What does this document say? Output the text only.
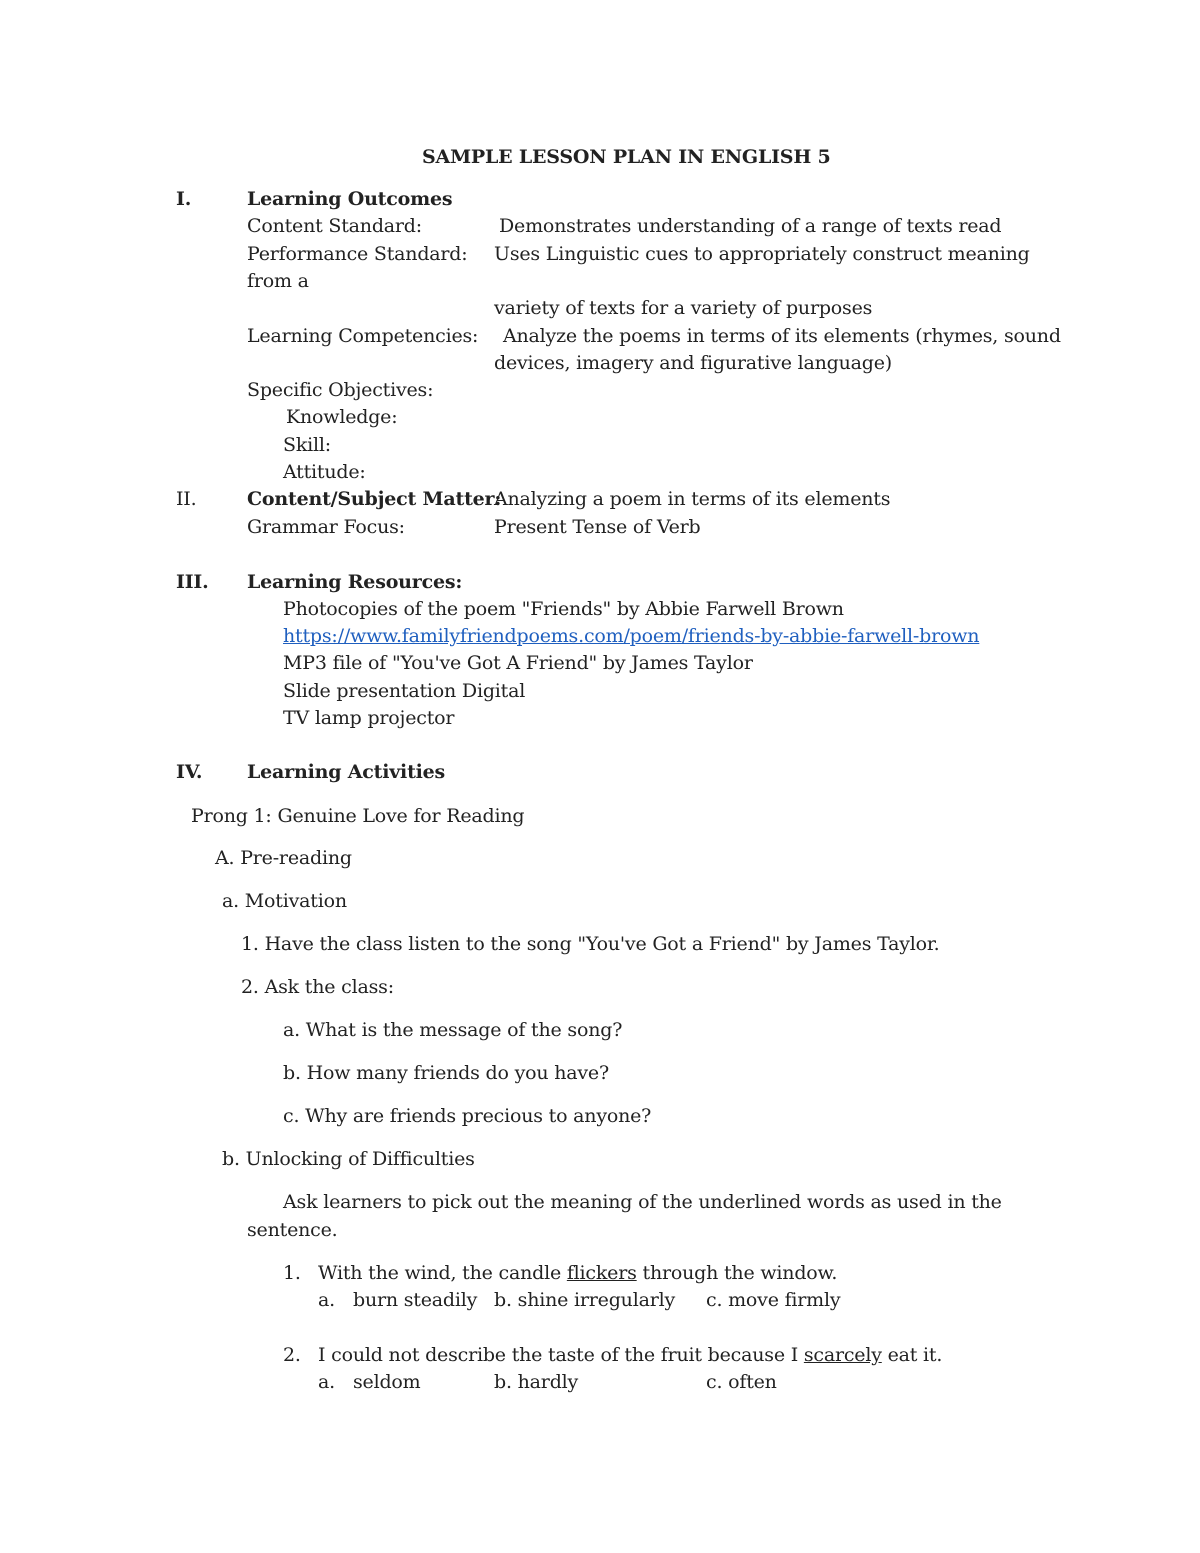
SAMPLE LESSON PLAN IN ENGLISH 5
I.	Learning Outcomes
Content Standard:	Demonstrates understanding of a range of texts read
Performance Standard: Uses Linguistic cues to appropriately construct meaning
from a
variety of texts for a variety of purposes
Learning Competencies: Analyze the poems in terms of its elements (rhymes, sound
devices, imagery and figurative language)
Specific Objectives:
Knowledge:
Skill:
Attitude:
II.	Content/Subject Matter:
Analyzing a poem in terms of its elements
Grammar Focus:	Present Tense of Verb
III. Learning Resources:
Photocopies of the poem "Friends" by Abbie Farwell Brown
https://www.familyfriendpoems.com/poem/friends-by-abbie-farwell-brown
MP3 file of "You've Got A Friend" by James Taylor
Slide presentation Digital
TV lamp projector
IV. Learning Activities
Prong 1: Genuine Love for Reading
A. Pre-reading
a. Motivation
1. Have the class listen to the song "You've Got a Friend" by James Taylor.
2. Ask the class:
a. What is the message of the song?
b. How many friends do you have?
c. Why are friends precious to anyone?
b. Unlocking of Difficulties
Ask learners to pick out the meaning of the underlined words as used in the
sentence.
1. With the wind, the candle flickers through the window.
a. burn steadily b. shine irregularly c. move firmly
2. I could not describe the taste of the fruit because I scarcely eat it.
a. seldom	b. hardly	c. often
